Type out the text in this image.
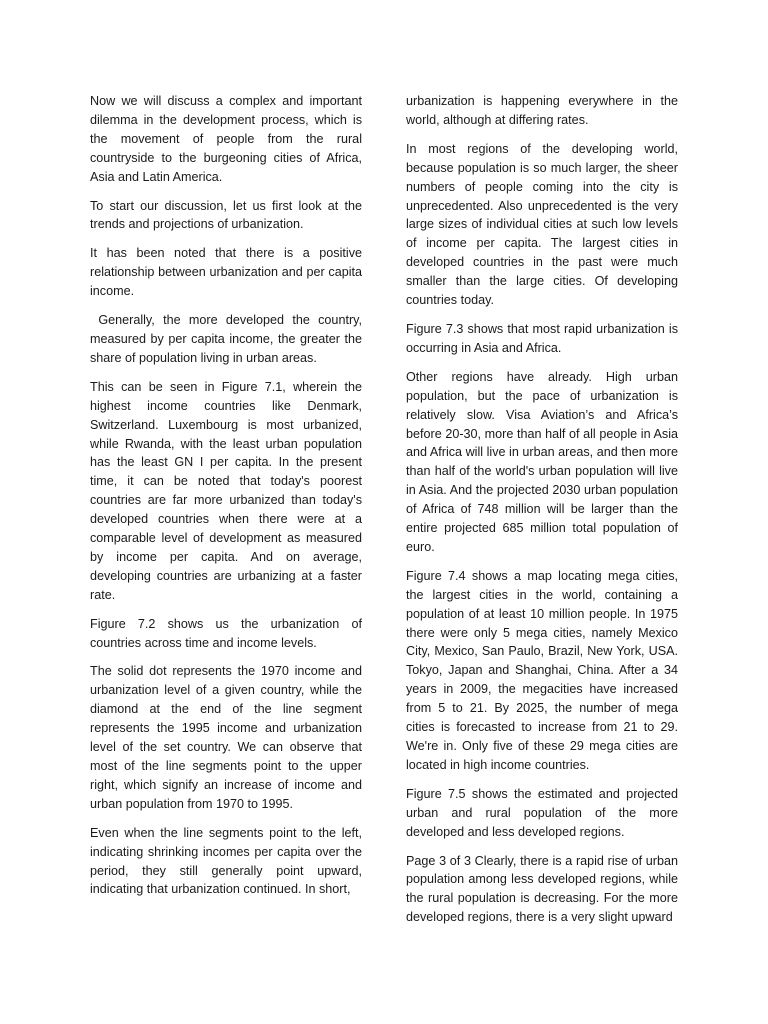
Now we will discuss a complex and important dilemma in the development process, which is the movement of people from the rural countryside to the burgeoning cities of Africa, Asia and Latin America.

To start our discussion, let us first look at the trends and projections of urbanization.

It has been noted that there is a positive relationship between urbanization and per capita income.

Generally, the more developed the country, measured by per capita income, the greater the share of population living in urban areas.

This can be seen in Figure 7.1, wherein the highest income countries like Denmark, Switzerland. Luxembourg is most urbanized, while Rwanda, with the least urban population has the least GN I per capita. In the present time, it can be noted that today's poorest countries are far more urbanized than today's developed countries when there were at a comparable level of development as measured by income per capita. And on average, developing countries are urbanizing at a faster rate.

Figure 7.2 shows us the urbanization of countries across time and income levels.

The solid dot represents the 1970 income and urbanization level of a given country, while the diamond at the end of the line segment represents the 1995 income and urbanization level of the set country. We can observe that most of the line segments point to the upper right, which signify an increase of income and urban population from 1970 to 1995.

Even when the line segments point to the left, indicating shrinking incomes per capita over the period, they still generally point upward, indicating that urbanization continued. In short,

urbanization is happening everywhere in the world, although at differing rates.

In most regions of the developing world, because population is so much larger, the sheer numbers of people coming into the city is unprecedented. Also unprecedented is the very large sizes of individual cities at such low levels of income per capita. The largest cities in developed countries in the past were much smaller than the large cities. Of developing countries today.

Figure 7.3 shows that most rapid urbanization is occurring in Asia and Africa.

Other regions have already. High urban population, but the pace of urbanization is relatively slow. Visa Aviation’s and Africa’s before 20-30, more than half of all people in Asia and Africa will live in urban areas, and then more than half of the world's urban population will live in Asia. And the projected 2030 urban population of Africa of 748 million will be larger than the entire projected 685 million total population of euro.

Figure 7.4 shows a map locating mega cities, the largest cities in the world, containing a population of at least 10 million people. In 1975 there were only 5 mega cities, namely Mexico City, Mexico, San Paulo, Brazil, New York, USA. Tokyo, Japan and Shanghai, China. After a 34 years in 2009, the megacities have increased from 5 to 21. By 2025, the number of mega cities is forecasted to increase from 21 to 29. We're in. Only five of these 29 mega cities are located in high income countries.

Figure 7.5 shows the estimated and projected urban and rural population of the more developed and less developed regions.

Page 3 of 3 Clearly, there is a rapid rise of urban population among less developed regions, while the rural population is decreasing. For the more developed regions, there is a very slight upward
